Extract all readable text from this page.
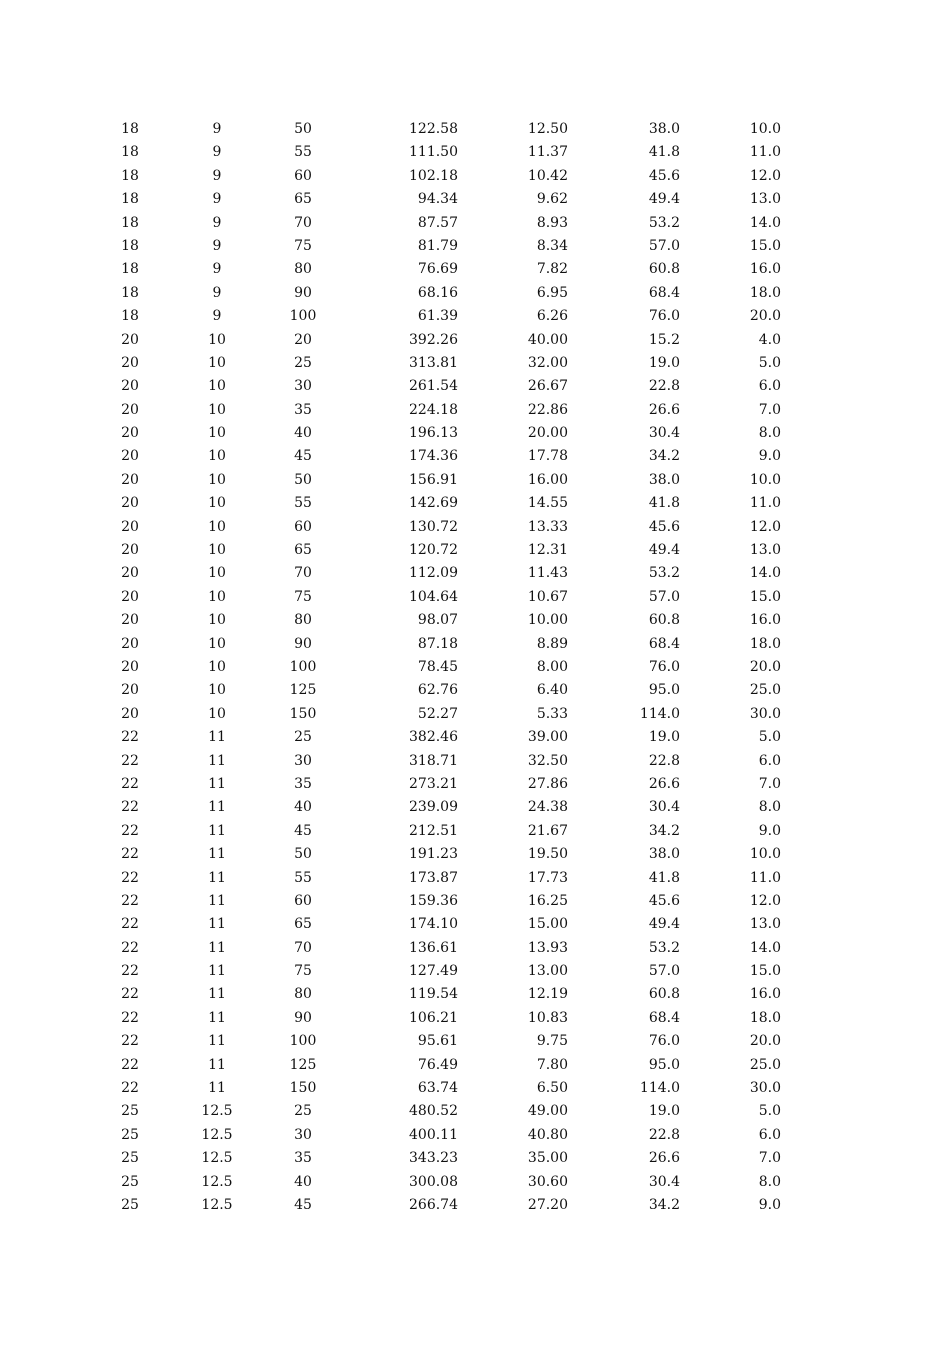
18	9	50	122.58	12.50	38.0	10.0
18	9	55	111.50	11.37	41.8	11.0
18	9	60	102.18	10.42	45.6	12.0
18	9	65	94.34	9.62	49.4	13.0
18	9	70	87.57	8.93	53.2	14.0
18	9	75	81.79	8.34	57.0	15.0
18	9	80	76.69	7.82	60.8	16.0
18	9	90	68.16	6.95	68.4	18.0
18	9	100	61.39	6.26	76.0	20.0
20	10	20	392.26	40.00	15.2	4.0
20	10	25	313.81	32.00	19.0	5.0
20	10	30	261.54	26.67	22.8	6.0
20	10	35	224.18	22.86	26.6	7.0
20	10	40	196.13	20.00	30.4	8.0
20	10	45	174.36	17.78	34.2	9.0
20	10	50	156.91	16.00	38.0	10.0
20	10	55	142.69	14.55	41.8	11.0
20	10	60	130.72	13.33	45.6	12.0
20	10	65	120.72	12.31	49.4	13.0
20	10	70	112.09	11.43	53.2	14.0
20	10	75	104.64	10.67	57.0	15.0
20	10	80	98.07	10.00	60.8	16.0
20	10	90	87.18	8.89	68.4	18.0
20	10	100	78.45	8.00	76.0	20.0
20	10	125	62.76	6.40	95.0	25.0
20	10	150	52.27	5.33	114.0	30.0
22	11	25	382.46	39.00	19.0	5.0
22	11	30	318.71	32.50	22.8	6.0
22	11	35	273.21	27.86	26.6	7.0
22	11	40	239.09	24.38	30.4	8.0
22	11	45	212.51	21.67	34.2	9.0
22	11	50	191.23	19.50	38.0	10.0
22	11	55	173.87	17.73	41.8	11.0
22	11	60	159.36	16.25	45.6	12.0
22	11	65	174.10	15.00	49.4	13.0
22	11	70	136.61	13.93	53.2	14.0
22	11	75	127.49	13.00	57.0	15.0
22	11	80	119.54	12.19	60.8	16.0
22	11	90	106.21	10.83	68.4	18.0
22	11	100	95.61	9.75	76.0	20.0
22	11	125	76.49	7.80	95.0	25.0
22	11	150	63.74	6.50	114.0	30.0
25	12.5	25	480.52	49.00	19.0	5.0
25	12.5	30	400.11	40.80	22.8	6.0
25	12.5	35	343.23	35.00	26.6	7.0
25	12.5	40	300.08	30.60	30.4	8.0
25	12.5	45	266.74	27.20	34.2	9.0
